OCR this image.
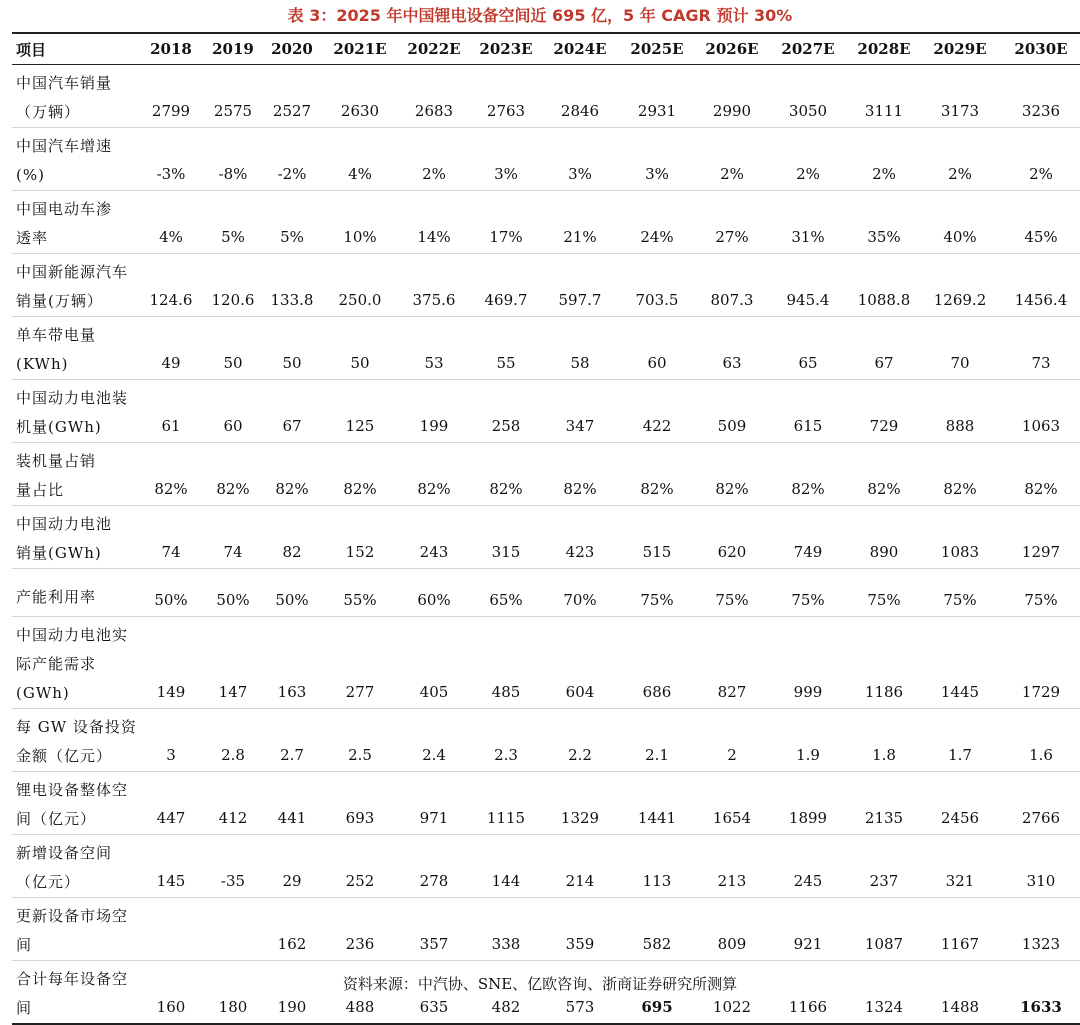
表 3：2025 年中国锂电设备空间近 695 亿，5 年 CAGR 预计 30%
项目	2018	2019	2020	2021E	2022E	2023E	2024E	2025E	2026E	2027E	2028E	2029E	2030E
中国汽车销量
（万辆）	2799	2575	2527	2630	2683	2763	2846	2931	2990	3050	3111	3173	3236
中国汽车增速
(%)	-3%	-8%	-2%	4%	2%	3%	3%	3%	2%	2%	2%	2%	2%
中国电动车渗
透率	4%	5%	5%	10%	14%	17%	21%	24%	27%	31%	35%	40%	45%
中国新能源汽车
销量(万辆）	124.6	120.6	133.8	250.0	375.6	469.7	597.7	703.5	807.3	945.4	1088.8	1269.2	1456.4
单车带电量
(KWh)	49	50	50	50	53	55	58	60	63	65	67	70	73
中国动力电池装
机量(GWh)	61	60	67	125	199	258	347	422	509	615	729	888	1063
装机量占销
量占比	82%	82%	82%	82%	82%	82%	82%	82%	82%	82%	82%	82%	82%
中国动力电池
销量(GWh)	74	74	82	152	243	315	423	515	620	749	890	1083	1297
产能利用率	50%	50%	50%	55%	60%	65%	70%	75%	75%	75%	75%	75%	75%
中国动力电池实
际产能需求
(GWh)	149	147	163	277	405	485	604	686	827	999	1186	1445	1729
每 GW 设备投资
金额（亿元）	3	2.8	2.7	2.5	2.4	2.3	2.2	2.1	2	1.9	1.8	1.7	1.6
锂电设备整体空
间（亿元）	447	412	441	693	971	1115	1329	1441	1654	1899	2135	2456	2766
新增设备空间
（亿元）	145	-35	29	252	278	144	214	113	213	245	237	321	310
更新设备市场空
间			162	236	357	338	359	582	809	921	1087	1167	1323
合计每年设备空
间	160	180	190	488	635	482	573	695	1022	1166	1324	1488	1633
资料来源：中汽协、SNE、亿欧咨询、浙商证券研究所测算
